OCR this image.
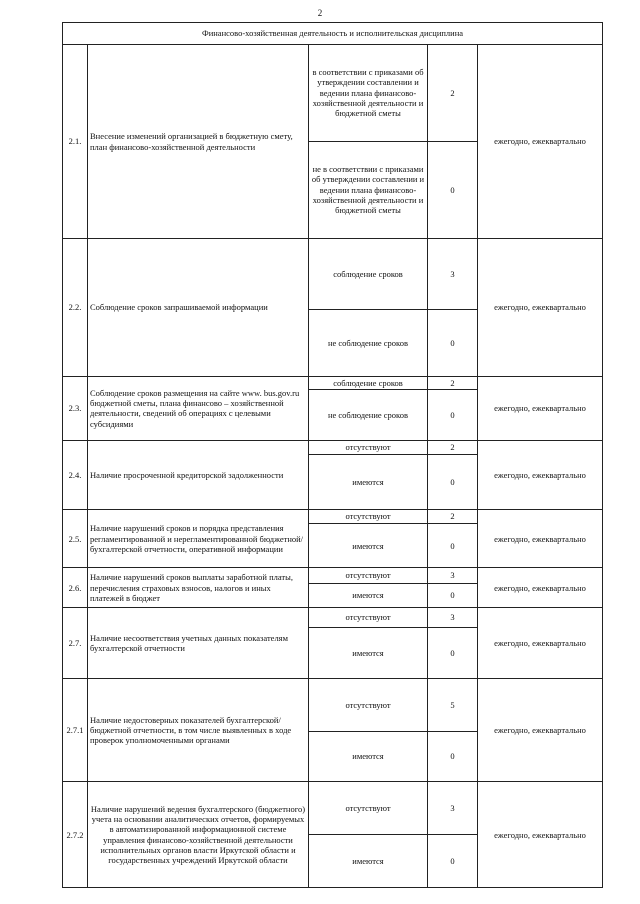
2
Финансово-хозяйственная деятельность и исполнительская дисциплина				
2.1.	Внесение изменений организацией в бюджетную смету, план финансово-хозяйственной деятельности	в соответствии с приказами об утверждении составлении и ведении плана финансово-хозяйственной деятельности и бюджетной сметы	2	ежегодно, ежеквартально
		не в соответствии с приказами об утверждении составлении и ведении плана финансово-хозяйственной деятельности и бюджетной сметы	0	
2.2.	Соблюдение сроков запрашиваемой информации	соблюдение сроков	3	ежегодно, ежеквартально
		не соблюдение сроков	0	
2.3.	Соблюдение сроков размещения на сайте www. bus.gov.ru бюджетной сметы, плана финансово – хозяйственной деятельности, сведений об операциях с целевыми субсидиями	соблюдение сроков	2	ежегодно, ежеквартально
		не соблюдение сроков	0	
2.4.	Наличие просроченной кредиторской задолженности	отсутствуют	2	ежегодно, ежеквартально
		имеются	0	
2.5.	Наличие нарушений сроков и порядка представления регламентированной и нерегламентированной бюджетной/бухгалтерской отчетности, оперативной информации	отсутствуют	2	ежегодно, ежеквартально
		имеются	0	
2.6.	Наличие нарушений сроков выплаты заработной платы, перечисления страховых взносов, налогов и иных платежей в бюджет	отсутствуют	3	ежегодно, ежеквартально
		имеются	0	
2.7.	Наличие несоответствия учетных данных показателям бухгалтерской отчетности	отсутствуют	3	ежегодно, ежеквартально
		имеются	0	
2.7.1	Наличие недостоверных показателей бухгалтерской/бюджетной отчетности, в том числе выявленных в ходе проверок уполномоченными органами	отсутствуют	5	ежегодно, ежеквартально
		имеются	0	
2.7.2	Наличие нарушений ведения бухгалтерского (бюджетного) учета на основании аналитических отчетов, формируемых в автоматизированной информационной системе управления финансово-хозяйственной деятельности исполнительных органов власти Иркутской области и государственных учреждений Иркутской области	отсутствуют	3	ежегодно, ежеквартально
		имеются	0	
